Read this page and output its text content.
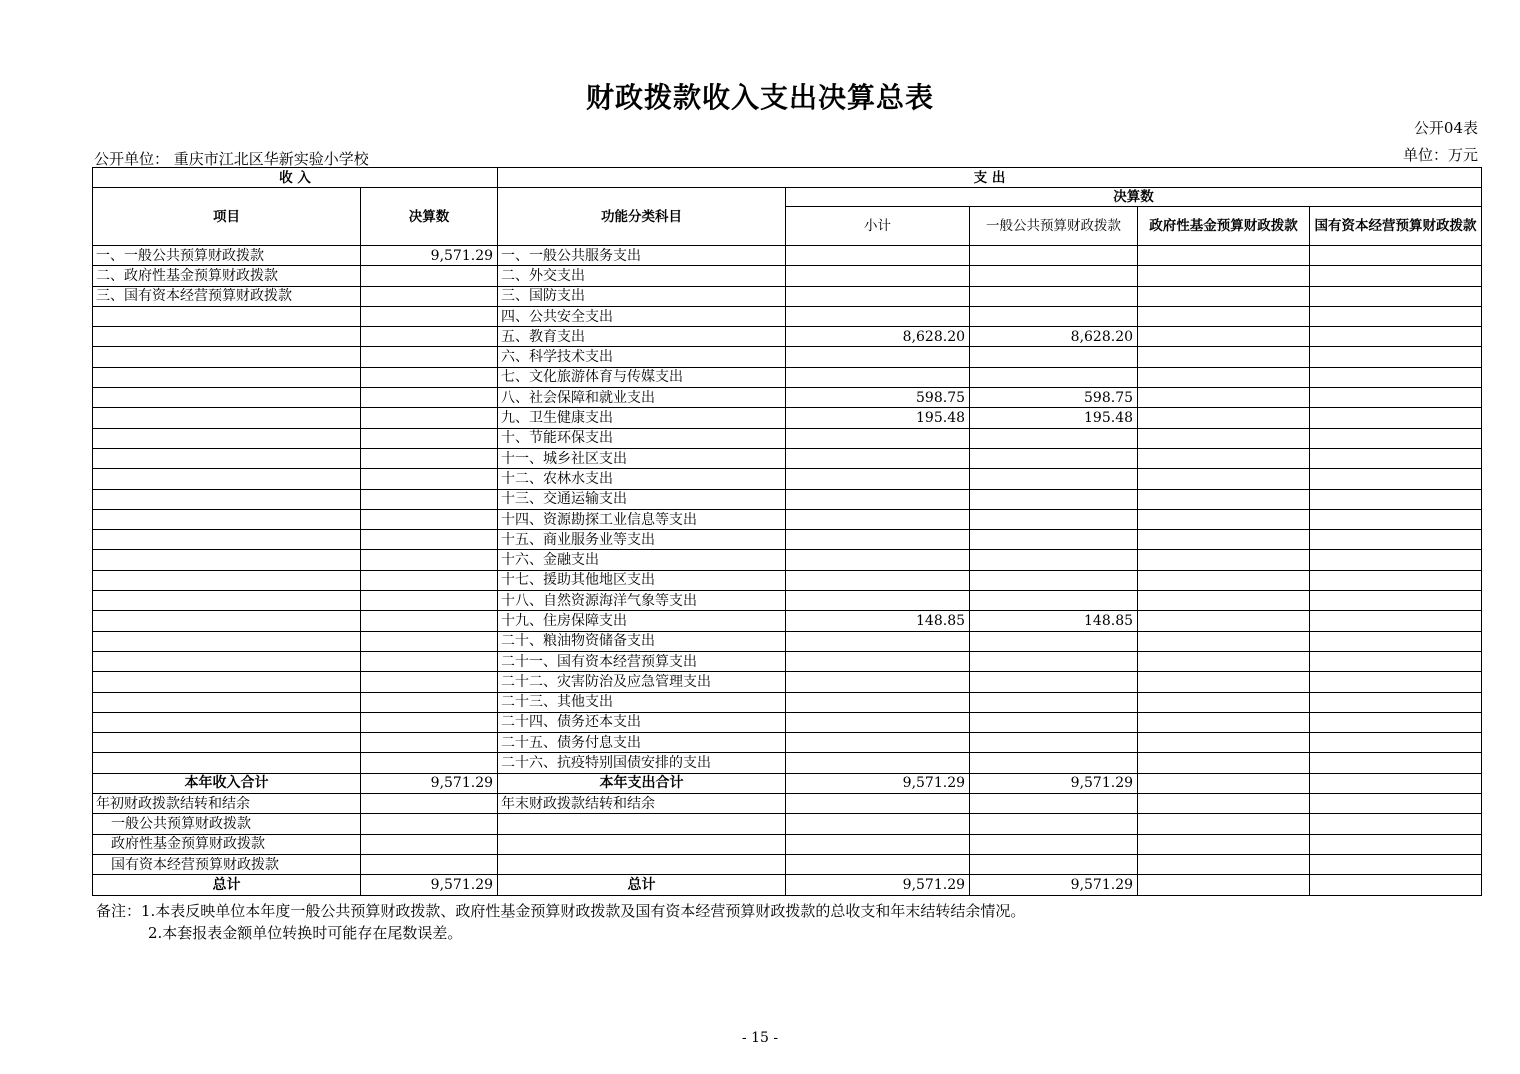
财政拨款收入支出决算总表
公开04表
公开单位： 重庆市江北区华新实验小学校	单位：万元
收 入		支 出				
项目	决算数	功能分类科目	决算数			
			小计	一般公共预算财政拨款	政府性基金预算财政拨款	国有资本经营预算财政拨款
一、一般公共预算财政拨款	9,571.29	一、一般公共服务支出				
二、政府性基金预算财政拨款		二、外交支出				
三、国有资本经营预算财政拨款		三、国防支出				
		四、公共安全支出				
		五、教育支出	8,628.20	8,628.20		
		六、科学技术支出				
		七、文化旅游体育与传媒支出				
		八、社会保障和就业支出	598.75	598.75		
		九、卫生健康支出	195.48	195.48		
		十、节能环保支出				
		十一、城乡社区支出				
		十二、农林水支出				
		十三、交通运输支出				
		十四、资源勘探工业信息等支出				
		十五、商业服务业等支出				
		十六、金融支出				
		十七、援助其他地区支出				
		十八、自然资源海洋气象等支出				
		十九、住房保障支出	148.85	148.85		
		二十、粮油物资储备支出				
		二十一、国有资本经营预算支出				
		二十二、灾害防治及应急管理支出				
		二十三、其他支出				
		二十四、债务还本支出				
		二十五、债务付息支出				
		二十六、抗疫特别国债安排的支出				
本年收入合计	9,571.29	本年支出合计	9,571.29	9,571.29		
年初财政拨款结转和结余		年末财政拨款结转和结余				
一般公共预算财政拨款						
政府性基金预算财政拨款						
国有资本经营预算财政拨款						
总计	9,571.29	总计	9,571.29	9,571.29		
备注：1.本表反映单位本年度一般公共预算财政拨款、政府性基金预算财政拨款及国有资本经营预算财政拨款的总收支和年末结转结余情况。
2.本套报表金额单位转换时可能存在尾数误差。
- 15 -
